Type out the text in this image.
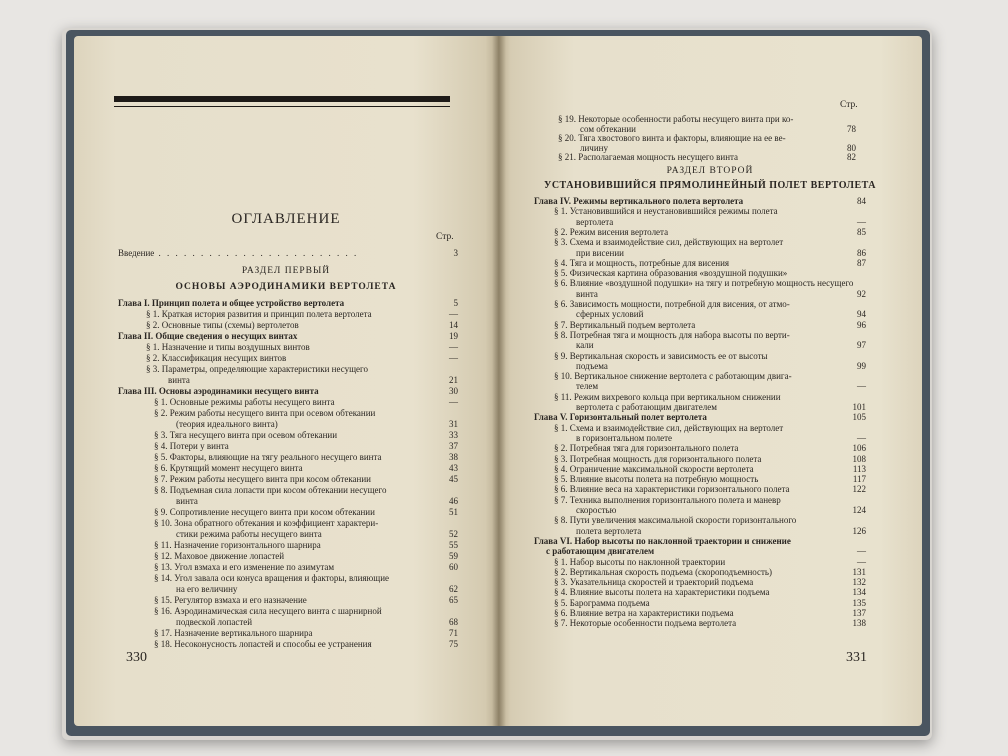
ОГЛАВЛЕНИЕ
Стр.
Введение . . . . . . . . . . . . . . . . . . . . . . . .	3
РАЗДЕЛ ПЕРВЫЙ
ОСНОВЫ АЭРОДИНАМИКИ ВЕРТОЛЕТА
Глава I. Принцип полета и общее устройство вертолета	5
§ 1. Краткая история развития и принцип полета вертолета	—
§ 2. Основные типы (схемы) вертолетов	14
Глава II. Общие сведения о несущих винтах	19
§ 1. Назначение и типы воздушных винтов	—
§ 2. Классификация несущих винтов	—
§ 3. Параметры, определяющие характеристики несущего
винта	21
Глава III. Основы аэродинамики несущего винта	30
§ 1. Основные режимы работы несущего винта	—
§ 2. Режим работы несущего винта при осевом обтекании
(теория идеального винта)	31
§ 3. Тяга несущего винта при осевом обтекании	33
§ 4. Потери у винта	37
§ 5. Факторы, влияющие на тягу реального несущего винта	38
§ 6. Крутящий момент несущего винта	43
§ 7. Режим работы несущего винта при косом обтекании	45
§ 8. Подъемная сила лопасти при косом обтекании несущего
винта	46
§ 9. Сопротивление несущего винта при косом обтекании	51
§ 10. Зона обратного обтекания и коэффициент характери-
стики режима работы несущего винта	52
§ 11. Назначение горизонтального шарнира	55
§ 12. Маховое движение лопастей	59
§ 13. Угол взмаха и его изменение по азимутам	60
§ 14. Угол завала оси конуса вращения и факторы, влияющие
на его величину	62
§ 15. Регулятор взмаха и его назначение	65
§ 16. Аэродинамическая сила несущего винта с шарнирной
подвеской лопастей	68
§ 17. Назначение вертикального шарнира	71
§ 18. Несоконусность лопастей и способы ее устранения	75
330
Стр.
§ 19. Некоторые особенности работы несущего винта при ко-
сом обтекании	78
§ 20. Тяга хвостового винта и факторы, влияющие на ее ве-
личину	80
§ 21. Располагаемая мощность несущего винта	82
РАЗДЕЛ ВТОРОЙ
УСТАНОВИВШИЙСЯ ПРЯМОЛИНЕЙНЫЙ ПОЛЕТ ВЕРТОЛЕТА
Глава IV. Режимы вертикального полета вертолета	84
§ 1. Установившийся и неустановившийся режимы полета
вертолета	—
§ 2. Режим висения вертолета	85
§ 3. Схема и взаимодействие сил, действующих на вертолет
при висении	86
§ 4. Тяга и мощность, потребные для висения	87
§ 5. Физическая картина образования «воздушной подушки»
§ 6. Влияние «воздушной подушки» на тягу и потребную мощность несущего
винта	92
§ 6. Зависимость мощности, потребной для висения, от атмо-
сферных условий	94
§ 7. Вертикальный подъем вертолета	96
§ 8. Потребная тяга и мощность для набора высоты по верти-
кали	97
§ 9. Вертикальная скорость и зависимость ее от высоты
подъема	99
§ 10. Вертикальное снижение вертолета с работающим двига-
телем	—
§ 11. Режим вихревого кольца при вертикальном снижении
вертолета с работающим двигателем	101
Глава V. Горизонтальный полет вертолета	105
§ 1. Схема и взаимодействие сил, действующих на вертолет
в горизонтальном полете	—
§ 2. Потребная тяга для горизонтального полета	106
§ 3. Потребная мощность для горизонтального полета	108
§ 4. Ограничение максимальной скорости вертолета	113
§ 5. Влияние высоты полета на потребную мощность	117
§ 6. Влияние веса на характеристики горизонтального полета	122
§ 7. Техника выполнения горизонтального полета и маневр
скоростью	124
§ 8. Пути увеличения максимальной скорости горизонтального
полета вертолета	126
Глава VI. Набор высоты по наклонной траектории и снижение
с работающим двигателем	—
§ 1. Набор высоты по наклонной траектории	—
§ 2. Вертикальная скорость подъема (скороподъемность)	131
§ 3. Указательница скоростей и траекторий подъема	132
§ 4. Влияние высоты полета на характеристики подъема	134
§ 5. Барограмма подъема	135
§ 6. Влияние ветра на характеристики подъема	137
§ 7. Некоторые особенности подъема вертолета	138
331
